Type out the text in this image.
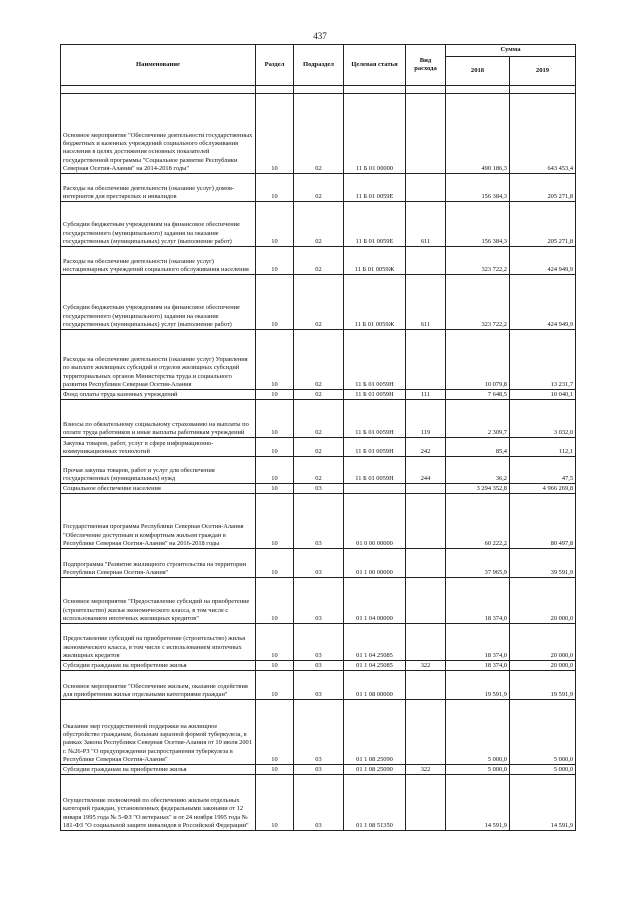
437
Наименование	Раздел	Подраздел	Целевая статья	Вид расхода	Сумма	
					2018	2019

Основное мероприятие "Обеспечение деятельности государственных бюджетных и казенных учреждений социального обслуживания населения в целях достижения основных показателей государственной программы "Социальное развитие Республики Северная Осетия-Алания" на 2014-2018 годы"	10	02	11 Б 01 00000		490 186,3	643 453,4
Расходы на обеспечение деятельности (оказание услуг) домов-интернатов для престарелых и инвалидов	10	02	11 Б 01 0059Е		156 384,3	205 271,8
Субсидии бюджетным учреждениям на финансовое обеспечение государственного (муниципального) задания на оказание государственных (муниципальных) услуг (выполнение работ)	10	02	11 Б 01 0059Е	611	156 384,3	205 271,8
Расходы на обеспечение деятельности (оказание услуг) нестационарных учреждений социального обслуживания населения	10	02	11 Б 01 0059Ж		323 722,2	424 949,9
Субсидии бюджетным учреждениям на финансовое обеспечение государственного (муниципального) задания на оказание государственных (муниципальных) услуг (выполнение работ)	10	02	11 Б 01 0059Ж	611	323 722,2	424 949,9
Расходы на обеспечение деятельности (оказание услуг) Управления по выплате жилищных субсидий и отделов жилищных субсидий территориальных органов Министерства труда и социального развития Республики Северная Осетия-Алания	10	02	11 Б 01 0059Н		10 079,8	13 231,7
Фонд оплаты труда казенных учреждений	10	02	11 Б 01 0059Н	111	7 648,5	10 040,1
Взносы по обязательному социальному страхованию на выплаты по оплате труда работников и иные выплаты работникам учреждений	10	02	11 Б 01 0059Н	119	2 309,7	3 032,0
Закупка товаров, работ, услуг в сфере информационно-коммуникационных технологий	10	02	11 Б 01 0059Н	242	85,4	112,1
Прочая закупка товаров, работ и услуг для обеспечения государственных (муниципальных) нужд	10	02	11 Б 01 0059Н	244	36,2	47,5
Социальное обеспечение населения	10	03			3 294 352,8	4 966 269,8
Государственная программа Республики Северная Осетия-Алания "Обеспечение доступным и комфортным жильем граждан в Республике Северная Осетия-Алания" на 2016-2018 годы	10	03	01 0 00 00000		60 222,2	80 497,8
Подпрограмма "Развитие жилищного строительства на территории Республики Северная Осетия-Алания"	10	03	01 1 00 00000		37 965,9	39 591,9
Основное мероприятие "Предоставление субсидий на приобретение (строительство) жилья экономического класса, в том числе с использованием ипотечных жилищных кредитов"	10	03	01 1 04 00000		18 374,0	20 000,0
Предоставление субсидий на приобретение (строительство) жилья экономического класса, в том числе с использованием ипотечных жилищных кредитов	10	03	01 1 04 25085		18 374,0	20 000,0
Субсидии гражданам на приобретение жилья	10	03	01 1 04 25085	322	18 374,0	20 000,0
Основное мероприятие "Обеспечение жильем, оказание содействия для приобретения жилья отдельными категориями граждан"	10	03	01 1 08 00000		19 591,9	19 591,9
Оказание мер государственной поддержки на жилищное обустройство гражданам, больным заразной формой туберкулеза, в рамках Закона Республики Северная Осетия-Алания от 10 июля 2001 г. №26-РЗ "О предупреждении распространения туберкулеза в Республике Северная Осетия-Алания"	10	03	01 1 08 25090		5 000,0	5 000,0
Субсидии гражданам на приобретение жилья	10	03	01 1 08 25090	322	5 000,0	5 000,0
Осуществление полномочий по обеспечению жильем отдельных категорий граждан, установленных федеральными законами от 12 января 1995 года № 5-ФЗ "О ветеранах" и от 24 ноября 1995 года № 181-ФЗ "О социальной защите инвалидов в Российской Федерации"	10	03	01 1 08 51350		14 591,9	14 591,9
